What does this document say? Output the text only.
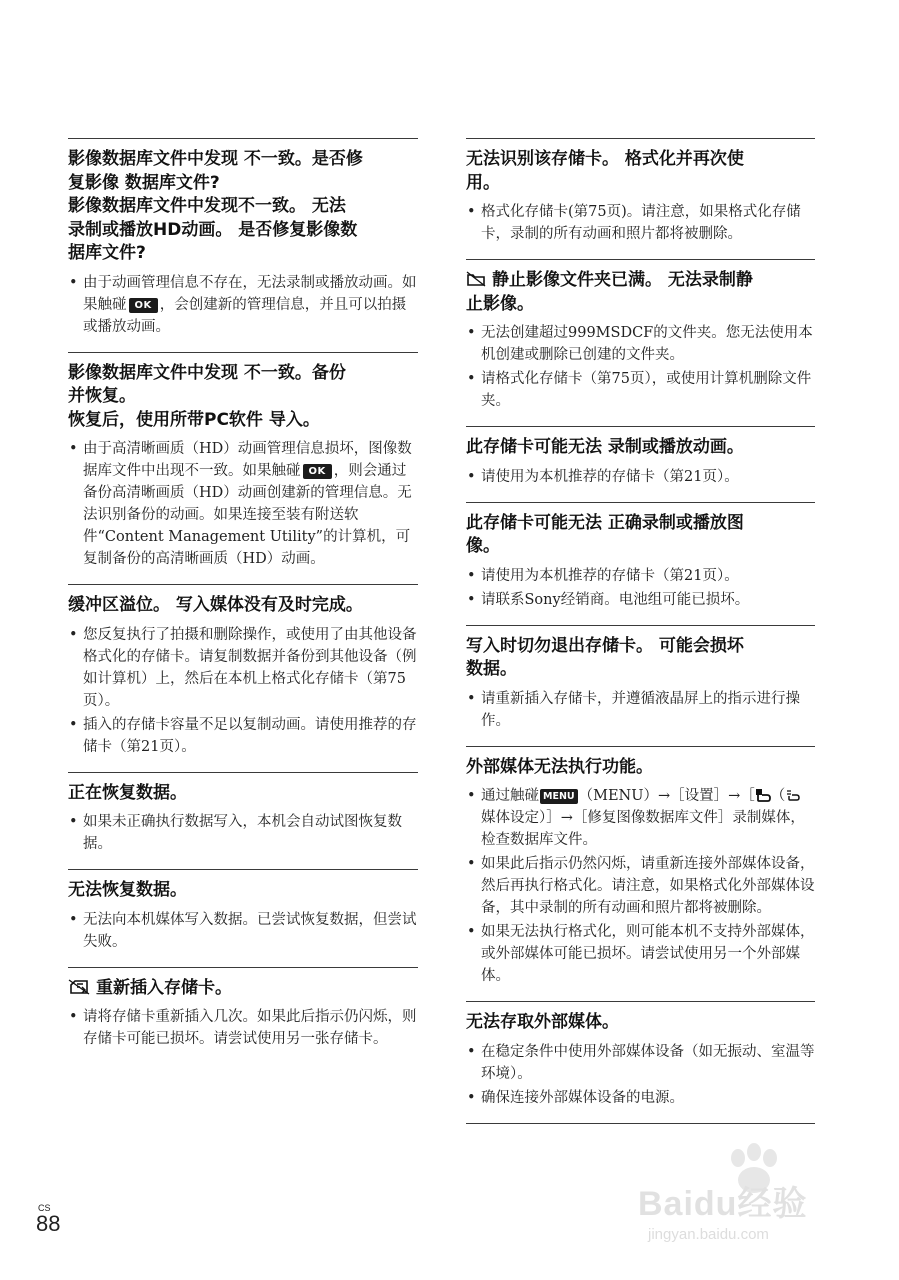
影像数据库文件中发现 不一致。是否修
复影像 数据库文件?
影像数据库文件中发现不一致。 无法
录制或播放HD动画。 是否修复影像数
据库文件?
• 由于动画管理信息不存在，无法录制或播放动画。如果触碰 OK ，会创建新的管理信息，并且可以拍摄或播放动画。
影像数据库文件中发现 不一致。备份
并恢复。
恢复后，使用所带PC软件 导入。
• 由于高清晰画质（HD）动画管理信息损坏，图像数据库文件中出现不一致。如果触碰 OK ，则会通过备份高清晰画质（HD）动画创建新的管理信息。无法识别备份的动画。如果连接至装有附送软件“Content Management Utility”的计算机，可复制备份的高清晰画质（HD）动画。
缓冲区溢位。 写入媒体没有及时完成。
• 您反复执行了拍摄和删除操作，或使用了由其他设备格式化的存储卡。请复制数据并备份到其他设备（例如计算机）上，然后在本机上格式化存储卡（第75页）。
• 插入的存储卡容量不足以复制动画。请使用推荐的存储卡（第21页）。
正在恢复数据。
• 如果未正确执行数据写入，本机会自动试图恢复数据。
无法恢复数据。
• 无法向本机媒体写入数据。已尝试恢复数据，但尝试失败。
重新插入存储卡。
• 请将存储卡重新插入几次。如果此后指示仍闪烁，则存储卡可能已损坏。请尝试使用另一张存储卡。
无法识别该存储卡。 格式化并再次使
用。
• 格式化存储卡(第75页)。请注意，如果格式化存储卡，录制的所有动画和照片都将被删除。
静止影像文件夹已满。 无法录制静
止影像。
• 无法创建超过999MSDCF的文件夹。您无法使用本机创建或删除已创建的文件夹。
• 请格式化存储卡（第75页），或使用计算机删除文件夹。
此存储卡可能无法 录制或播放动画。
• 请使用为本机推荐的存储卡（第21页）。
此存储卡可能无法 正确录制或播放图
像。
• 请使用为本机推荐的存储卡（第21页）。
• 请联系Sony经销商。电池组可能已损坏。
写入时切勿退出存储卡。 可能会损坏
数据。
• 请重新插入存储卡，并遵循液晶屏上的指示进行操作。
外部媒体无法执行功能。
• 通过触碰 MENU （MENU）→［设置］→［ （媒体设定）］→［修复图像数据库文件］录制媒体，检查数据库文件。
• 如果此后指示仍然闪烁，请重新连接外部媒体设备，然后再执行格式化。请注意，如果格式化外部媒体设备，其中录制的所有动画和照片都将被删除。
• 如果无法执行格式化，则可能本机不支持外部媒体，或外部媒体可能已损坏。请尝试使用另一个外部媒体。
无法存取外部媒体。
• 在稳定条件中使用外部媒体设备（如无振动、室温等环境）。
• 确保连接外部媒体设备的电源。
CS
88
Baidu经验
jingyan.baidu.com
